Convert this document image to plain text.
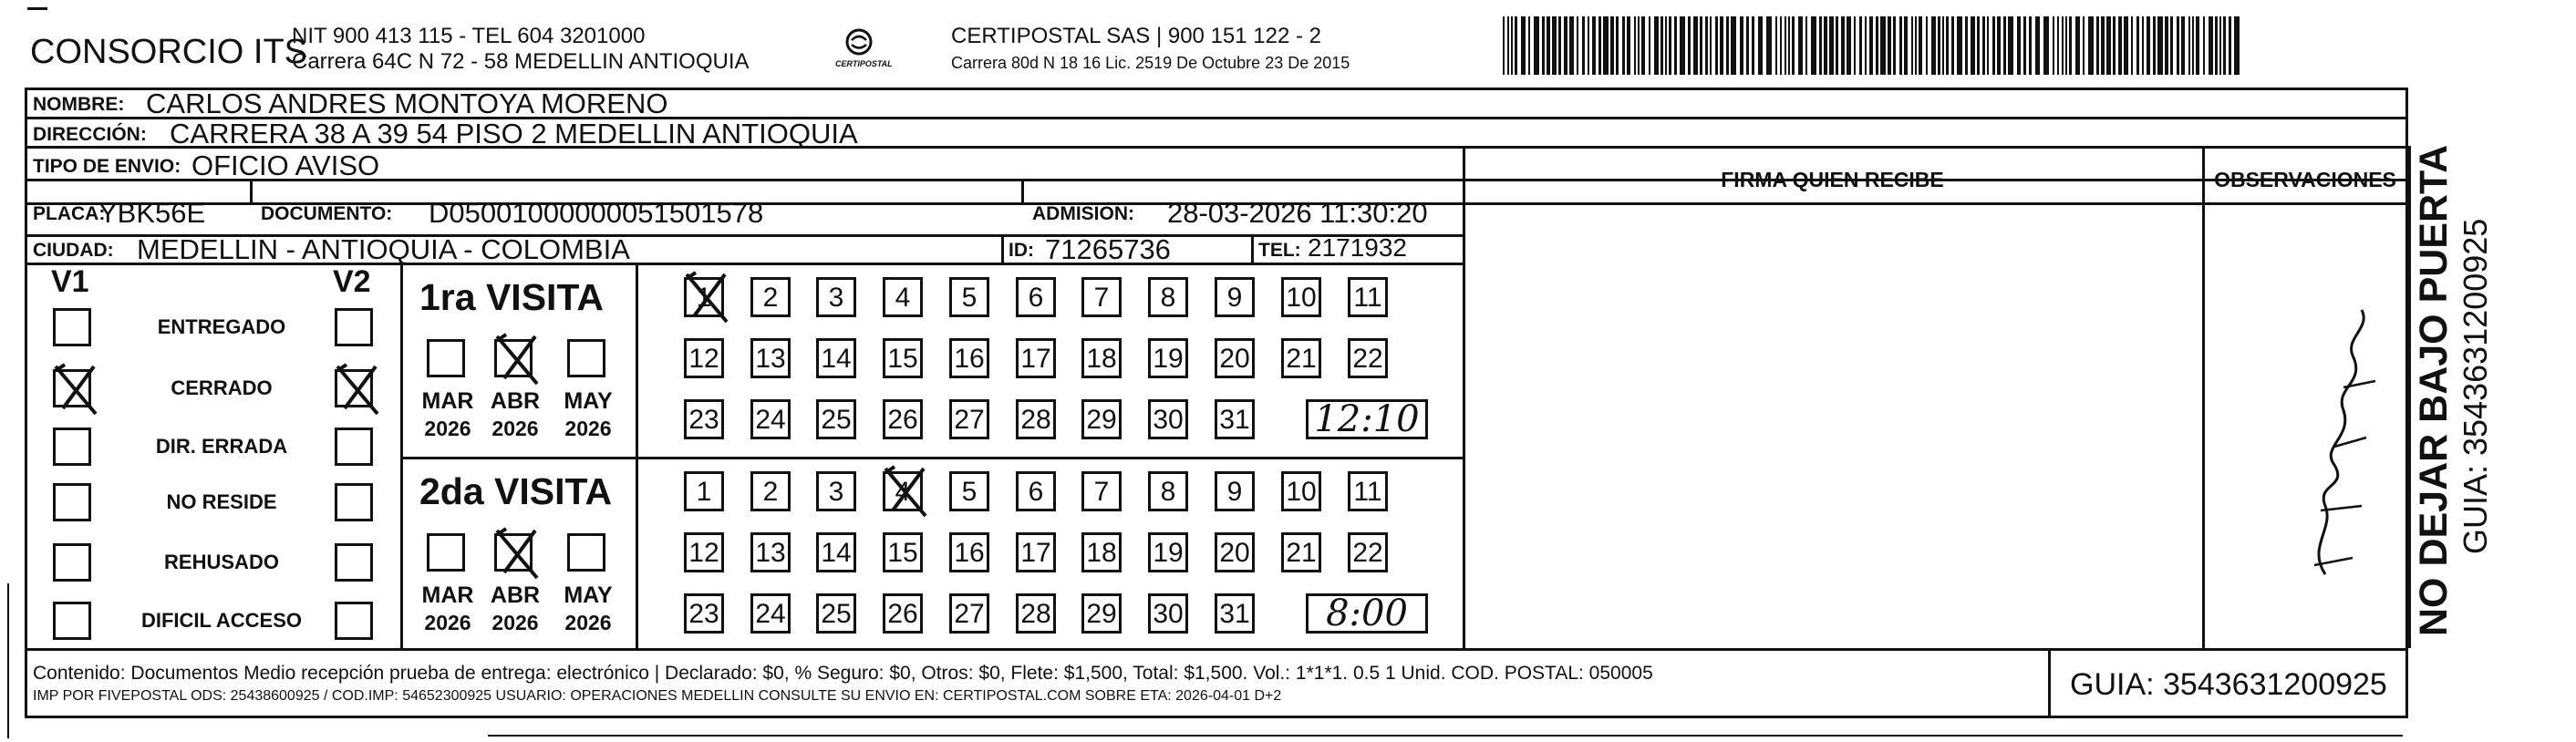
CONSORCIO ITS
NIT 900 413 115 - TEL 604 3201000
Carrera 64C N 72 - 58 MEDELLIN ANTIOQUIA	CERTIPOSTAL
CERTIPOSTAL SAS | 900 151 122 - 2
Carrera 80d N 18 16 Lic. 2519 De Octubre 23 De 2015
NOMBRE: CARLOS ANDRES MONTOYA MORENO
DIRECCIÓN: CARRERA 38 A 39 54 PISO 2 MEDELLIN ANTIOQUIA
TIPO DE ENVIO: OFICIO AVISO
PLACA:
YBK56E	DOCUMENTO: D05001000000051501578	ADMISIÓN: 28-03-2026 11:30:20
CIUDAD: MEDELLIN - ANTIOQUIA - COLOMBIA	ID: 71265736	TEL: 2171932
FIRMA QUIEN RECIBE	OBSERVACIONES
V1	V2
ENTREGADO
CERRADO
DIR. ERRADA
NO RESIDE
REHUSADO
DIFICIL ACCESO
1ra VISITA
MAR
2026
ABR
2026
MAY
2026
1	2	3	4	5	6	7	8	9	10 11
12 13 14 15 16 17 18 19 20 21 22
23 24 25 26 27 28 29 30 31 12:10
2da VISITA
MAR
2026
ABR
2026
MAY
2026
1	2	3	4	5	6	7	8	9	10 11
12 13 14 15 16 17 18 19 20 21 22
23 24 25 26 27 28 29 30 31	8:00
Contenido: Documentos Medio recepción prueba de entrega: electrónico | Declarado: $0, % Seguro: $0, Otros: $0, Flete: $1,500, Total: $1,500. Vol.: 1*1*1. 0.5 1 Unid. COD. POSTAL: 050005
IMP POR FIVEPOSTAL ODS: 25438600925 / COD.IMP: 54652300925 USUARIO: OPERACIONES MEDELLIN CONSULTE SU ENVIO EN: CERTIPOSTAL.COM SOBRE ETA: 2026-04-01 D+2	GUIA: 3543631200925
NO DEJAR BAJO PUERTA GUIA: 3543631200925
